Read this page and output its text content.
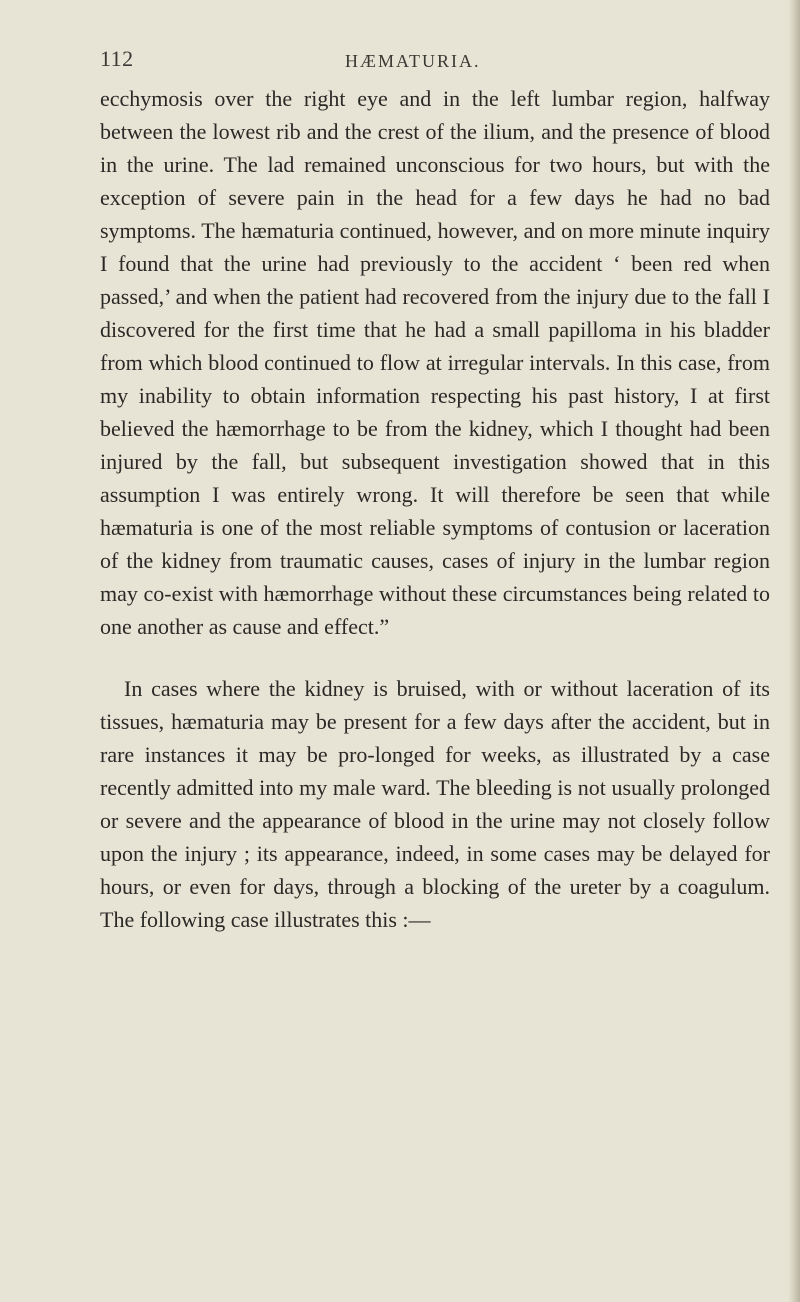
112	HÆMATURIA.

ecchymosis over the right eye and in the left lumbar region, halfway between the lowest rib and the crest of the ilium, and the presence of blood in the urine. The lad remained unconscious for two hours, but with the exception of severe pain in the head for a few days he had no bad symptoms. The hæmaturia continued, however, and on more minute inquiry I found that the urine had previously to the accident ‘ been red when passed,’ and when the patient had recovered from the injury due to the fall I discovered for the first time that he had a small papilloma in his bladder from which blood continued to flow at irregular intervals. In this case, from my inability to obtain information respecting his past history, I at first believed the hæmorrhage to be from the kidney, which I thought had been injured by the fall, but subsequent investigation showed that in this assumption I was entirely wrong. It will therefore be seen that while hæmaturia is one of the most reliable symptoms of contusion or laceration of the kidney from traumatic causes, cases of injury in the lumbar region may co-exist with hæmorrhage without these circumstances being related to one another as cause and effect.”

In cases where the kidney is bruised, with or without laceration of its tissues, hæmaturia may be present for a few days after the accident, but in rare instances it may be pro-longed for weeks, as illustrated by a case recently admitted into my male ward. The bleeding is not usually prolonged or severe and the appearance of blood in the urine may not closely follow upon the injury ; its appearance, indeed, in some cases may be delayed for hours, or even for days, through a blocking of the ureter by a coagulum. The following case illustrates this :—
